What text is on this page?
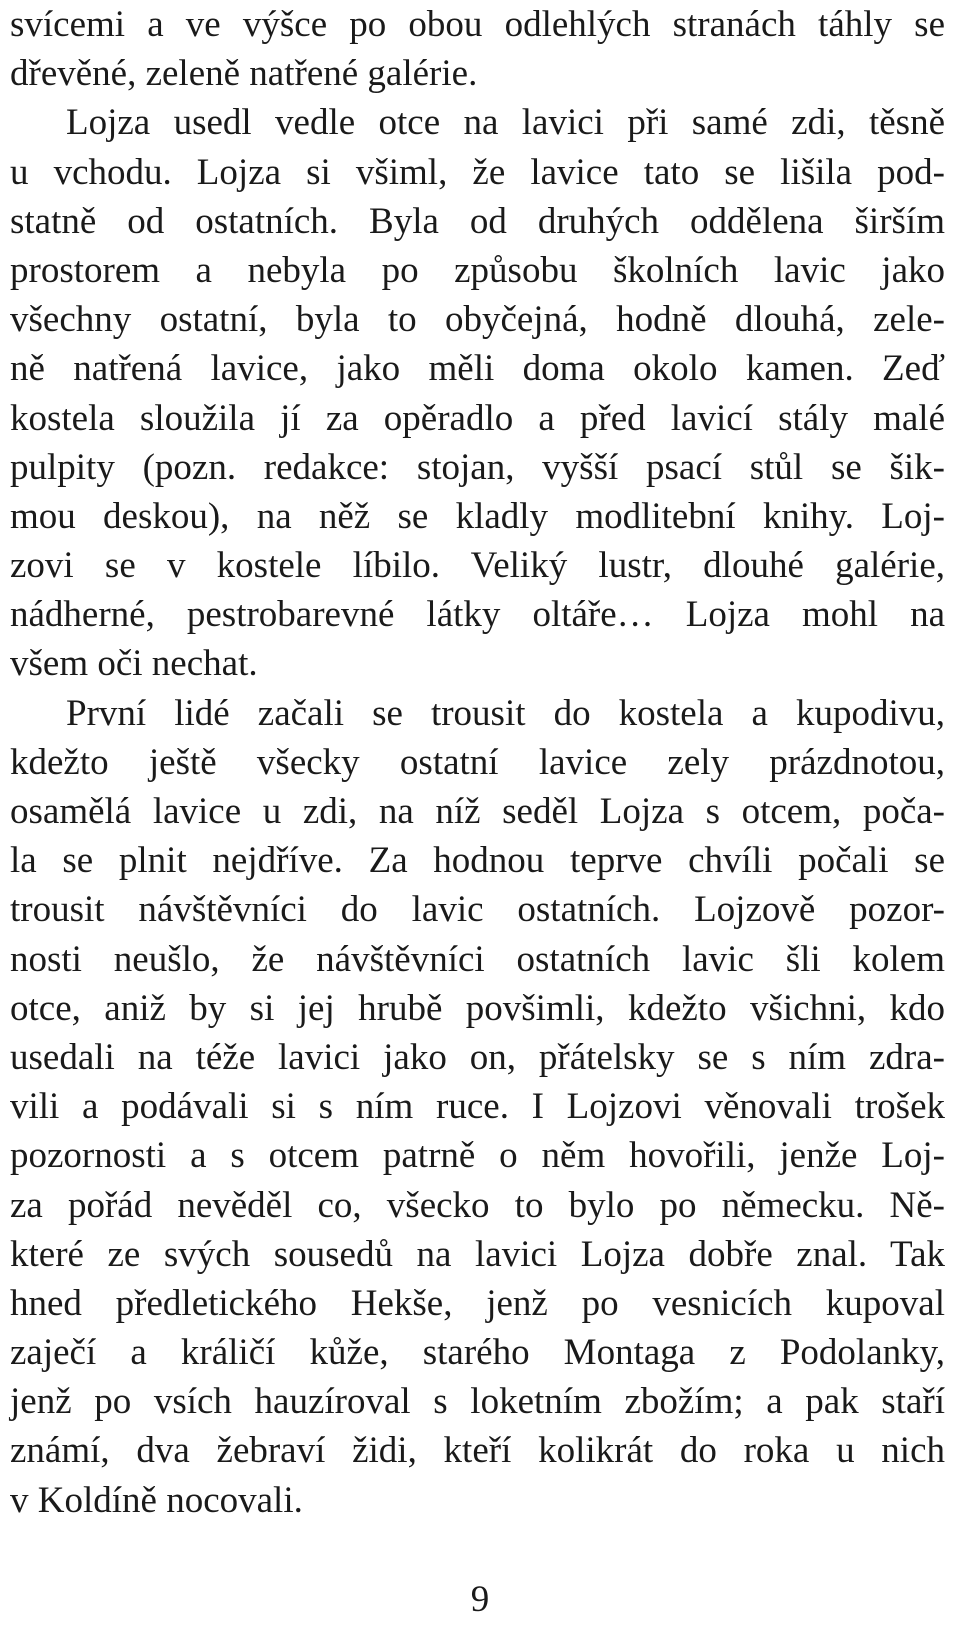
svícemi a ve výšce po obou odlehlých stranách táhly se
dřevěné, zeleně natřené galérie.
Lojza usedl vedle otce na lavici při samé zdi, těsně
u vchodu. Lojza si všiml, že lavice tato se lišila pod-
statně od ostatních. Byla od druhých oddělena širším
prostorem a nebyla po způsobu školních lavic jako
všechny ostatní, byla to obyčejná, hodně dlouhá, zele-
ně natřená lavice, jako měli doma okolo kamen. Zeď
kostela sloužila jí za opěradlo a před lavicí stály malé
pulpity (pozn. redakce: stojan, vyšší psací stůl se šik-
mou deskou), na něž se kladly modlitební knihy. Loj-
zovi se v kostele líbilo. Veliký lustr, dlouhé galérie,
nádherné, pestrobarevné látky oltáře… Lojza mohl na
všem oči nechat.
První lidé začali se trousit do kostela a kupodivu,
kdežto ještě všecky ostatní lavice zely prázdnotou,
osamělá lavice u zdi, na níž seděl Lojza s otcem, poča-
la se plnit nejdříve. Za hodnou teprve chvíli počali se
trousit návštěvníci do lavic ostatních. Lojzově pozor-
nosti neušlo, že návštěvníci ostatních lavic šli kolem
otce, aniž by si jej hrubě povšimli, kdežto všichni, kdo
usedali na téže lavici jako on, přátelsky se s ním zdra-
vili a podávali si s ním ruce. I Lojzovi věnovali trošek
pozornosti a s otcem patrně o něm hovořili, jenže Loj-
za pořád nevěděl co, všecko to bylo po německu. Ně-
které ze svých sousedů na lavici Lojza dobře znal. Tak
hned předletického Hekše, jenž po vesnicích kupoval
zaječí a králičí kůže, starého Montaga z Podolanky,
jenž po vsích hauzíroval s loketním zbožím; a pak staří
známí, dva žebraví židi, kteří kolikrát do roka u nich
v Koldíně nocovali.
9
